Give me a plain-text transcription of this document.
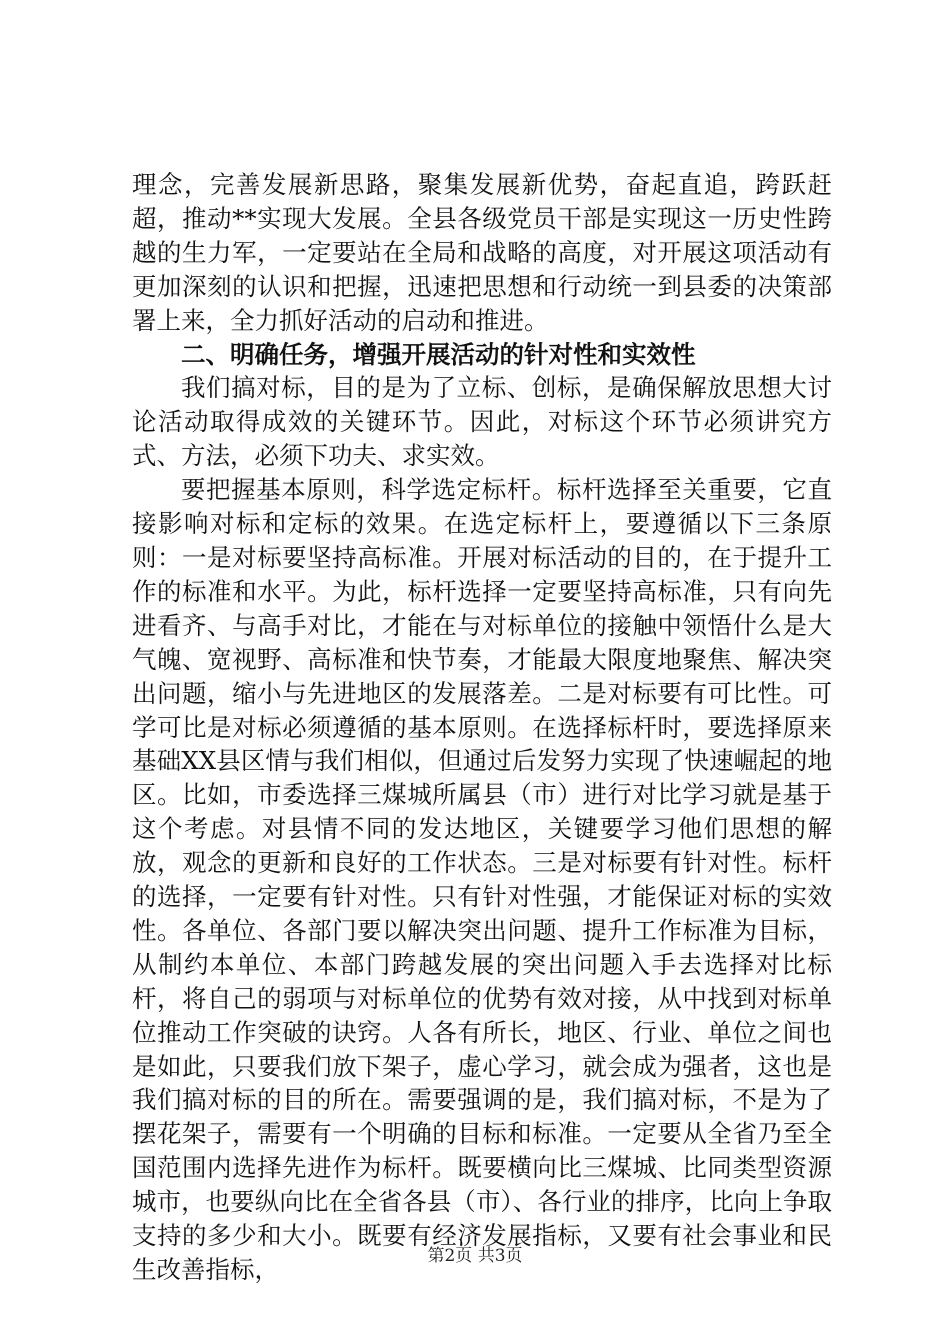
理念，完善发展新思路，聚集发展新优势，奋起直追，跨跃赶超，推动**实现大发展。全县各级党员干部是实现这一历史性跨越的生力军，一定要站在全局和战略的高度，对开展这项活动有更加深刻的认识和把握，迅速把思想和行动统一到县委的决策部署上来，全力抓好活动的启动和推进。

二、明确任务，增强开展活动的针对性和实效性

我们搞对标，目的是为了立标、创标，是确保解放思想大讨论活动取得成效的关键环节。因此，对标这个环节必须讲究方式、方法，必须下功夫、求实效。

要把握基本原则，科学选定标杆。标杆选择至关重要，它直接影响对标和定标的效果。在选定标杆上，要遵循以下三条原则：一是对标要坚持高标准。开展对标活动的目的，在于提升工作的标准和水平。为此，标杆选择一定要坚持高标准，只有向先进看齐、与高手对比，才能在与对标单位的接触中领悟什么是大气魄、宽视野、高标准和快节奏，才能最大限度地聚焦、解决突出问题，缩小与先进地区的发展落差。二是对标要有可比性。可学可比是对标必须遵循的基本原则。在选择标杆时，要选择原来基础XX县区情与我们相似，但通过后发努力实现了快速崛起的地区。比如，市委选择三煤城所属县（市）进行对比学习就是基于这个考虑。对县情不同的发达地区，关键要学习他们思想的解放，观念的更新和良好的工作状态。三是对标要有针对性。标杆的选择，一定要有针对性。只有针对性强，才能保证对标的实效性。各单位、各部门要以解决突出问题、提升工作标准为目标，从制约本单位、本部门跨越发展的突出问题入手去选择对比标杆，将自己的弱项与对标单位的优势有效对接，从中找到对标单位推动工作突破的诀窍。人各有所长，地区、行业、单位之间也是如此，只要我们放下架子，虚心学习，就会成为强者，这也是我们搞对标的目的所在。需要强调的是，我们搞对标，不是为了摆花架子，需要有一个明确的目标和标准。一定要从全省乃至全国范围内选择先进作为标杆。既要横向比三煤城、比同类型资源城市，也要纵向比在全省各县（市）、各行业的排序，比向上争取支持的多少和大小。既要有经济发展指标，又要有社会事业和民生改善指标，	第2页 共3页
